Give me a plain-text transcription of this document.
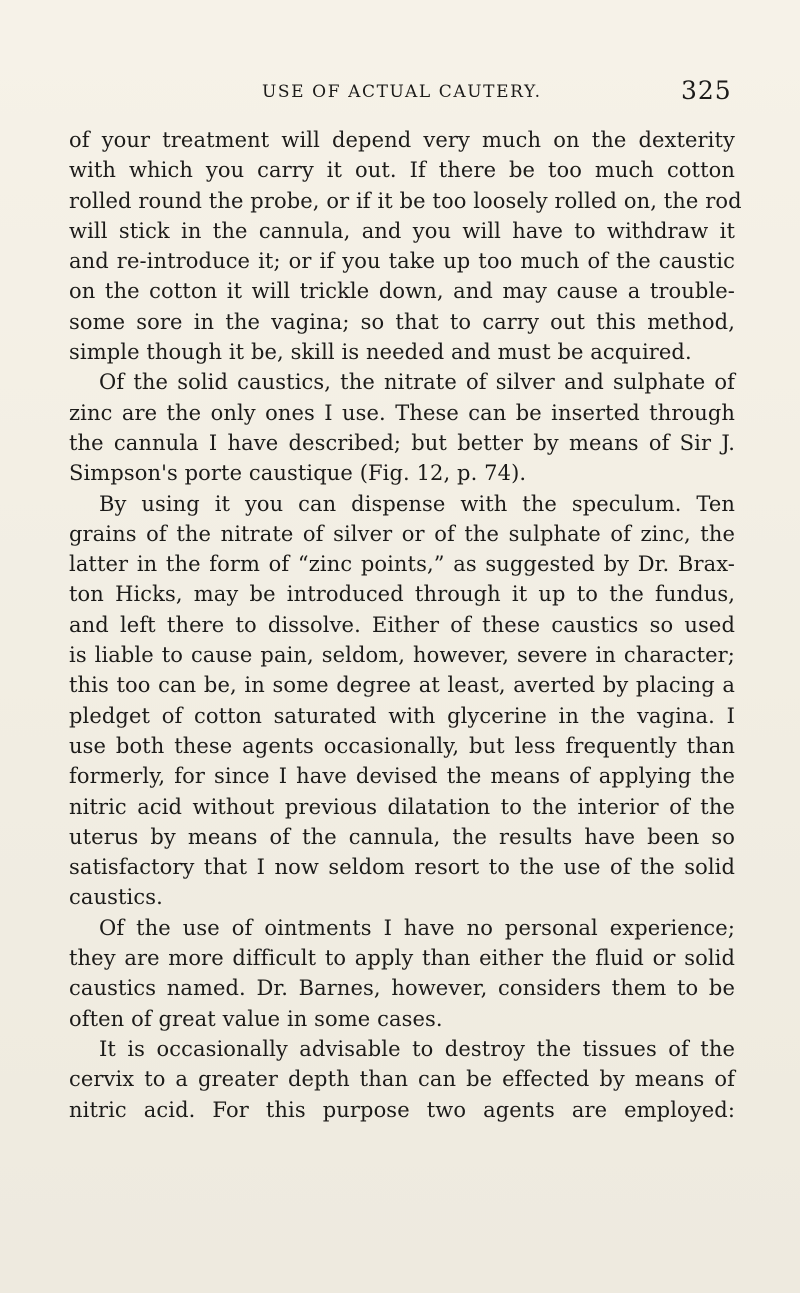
USE OF ACTUAL CAUTERY.	325
of your treatment will depend very much on the dexterity
with which you carry it out. If there be too much cotton
rolled round the probe, or if it be too loosely rolled on, the rod
will stick in the cannula, and you will have to withdraw it
and re-introduce it; or if you take up too much of the caustic
on the cotton it will trickle down, and may cause a trouble-
some sore in the vagina; so that to carry out this method,
simple though it be, skill is needed and must be acquired.
Of the solid caustics, the nitrate of silver and sulphate of
zinc are the only ones I use. These can be inserted through
the cannula I have described; but better by means of Sir J.
Simpson's porte caustique (Fig. 12, p. 74).
By using it you can dispense with the speculum. Ten
grains of the nitrate of silver or of the sulphate of zinc, the
latter in the form of “zinc points,” as suggested by Dr. Brax-
ton Hicks, may be introduced through it up to the fundus,
and left there to dissolve. Either of these caustics so used
is liable to cause pain, seldom, however, severe in character;
this too can be, in some degree at least, averted by placing a
pledget of cotton saturated with glycerine in the vagina. I
use both these agents occasionally, but less frequently than
formerly, for since I have devised the means of applying the
nitric acid without previous dilatation to the interior of the
uterus by means of the cannula, the results have been so
satisfactory that I now seldom resort to the use of the solid
caustics.
Of the use of ointments I have no personal experience;
they are more difficult to apply than either the fluid or solid
caustics named. Dr. Barnes, however, considers them to be
often of great value in some cases.
It is occasionally advisable to destroy the tissues of the
cervix to a greater depth than can be effected by means of
nitric acid. For this purpose two agents are employed:
